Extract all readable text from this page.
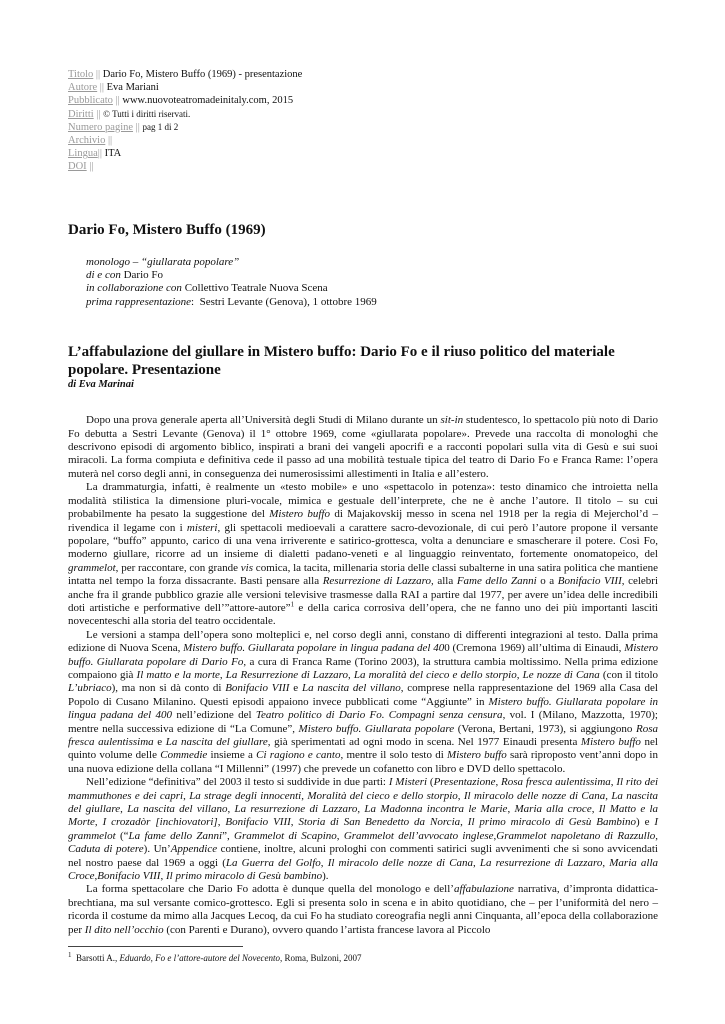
Titolo || Dario Fo, Mistero Buffo (1969) - presentazione
Autore || Eva Mariani
Pubblicato || www.nuovoteatromadeinitaly.com, 2015
Diritti || © Tutti i diritti riservati.
Numero pagine || pag 1 di 2
Archivio ||
Lingua|| ITA
DOI ||
Dario Fo, Mistero Buffo (1969)
monologo – “giullarata popolare”
di e con Dario Fo
in collaborazione con Collettivo Teatrale Nuova Scena
prima rappresentazione:  Sestri Levante (Genova), 1 ottobre 1969
L’affabulazione del giullare in Mistero buffo: Dario Fo e il riuso politico del materiale popolare. Presentazione
di Eva Marinai

Dopo una prova generale aperta all’Università degli Studi di Milano durante un sit-in studentesco, lo spettacolo più noto di Dario Fo debutta a Sestri Levante (Genova) il 1° ottobre 1969, come «giullarata popolare». Prevede una raccolta di monologhi che descrivono episodi di argomento biblico, inspirati a brani dei vangeli apocrifi e a racconti popolari sulla vita di Gesù e sui suoi miracoli. La forma compiuta e definitiva cede il passo ad una mobilità testuale tipica del teatro di Dario Fo e Franca Rame: l’opera muterà nel corso degli anni, in conseguenza dei numerosissimi allestimenti in Italia e all’estero.

La drammaturgia, infatti, è realmente un «testo mobile» e uno «spettacolo in potenza»: testo dinamico che introietta nella modalità stilistica la dimensione pluri-vocale, mimica e gestuale dell’interprete, che ne è anche l’autore. Il titolo – su cui probabilmente ha pesato la suggestione del Mistero buffo di Majakovskij messo in scena nel 1918 per la regia di Mejerchol’d – rivendica il legame con i misteri, gli spettacoli medioevali a carattere sacro-devozionale, di cui però l’autore propone il versante popolare, “buffo” appunto, carico di una vena irriverente e satirico-grottesca, volta a denunciare e smascherare il potere. Così Fo, moderno giullare, ricorre ad un insieme di dialetti padano-veneti e al linguaggio reinventato, fortemente onomatopeico, del grammelot, per raccontare, con grande vis comica, la tacita, millenaria storia delle classi subalterne in una satira politica che mantiene intatta nel tempo la forza dissacrante. Basti pensare alla Resurrezione di Lazzaro, alla Fame dello Zanni o a Bonifacio VIII, celebri anche fra il grande pubblico grazie alle versioni televisive trasmesse dalla RAI a partire dal 1977, per avere un’idea delle incredibili doti artistiche e performative dell’”attore-autore”$^1$ e della carica corrosiva dell’opera, che ne fanno uno dei più importanti lasciti novecenteschi alla storia del teatro occidentale.

Le versioni a stampa dell’opera sono molteplici e, nel corso degli anni, constano di differenti integrazioni al testo. Dalla prima edizione di Nuova Scena, Mistero buffo. Giullarata popolare in lingua padana del 400 (Cremona 1969) all’ultima di Einaudi, Mistero buffo. Giullarata popolare di Dario Fo, a cura di Franca Rame (Torino 2003), la struttura cambia moltissimo. Nella prima edizione compaiono già Il matto e la morte, La Resurrezione di Lazzaro, La moralità del cieco e dello storpio, Le nozze di Cana (con il titolo L’ubriaco), ma non si dà conto di Bonifacio VIII e La nascita del villano, comprese nella rappresentazione del 1969 alla Casa del Popolo di Cusano Milanino. Questi episodi appaiono invece pubblicati come “Aggiunte” in Mistero buffo. Giullarata popolare in lingua padana del 400 nell’edizione del Teatro politico di Dario Fo. Compagni senza censura, vol. I (Milano, Mazzotta, 1970); mentre nella successiva edizione di “La Comune”, Mistero buffo. Giullarata popolare (Verona, Bertani, 1973), si aggiungono Rosa fresca aulentissima e La nascita del giullare, già sperimentati ad ogni modo in scena. Nel 1977 Einaudi presenta Mistero buffo nel quinto volume delle Commedie insieme a Ci ragiono e canto, mentre il solo testo di Mistero buffo sarà riproposto vent’anni dopo in una nuova edizione della collana “I Millenni” (1997) che prevede un cofanetto con libro e DVD dello spettacolo.

Nell’edizione “definitiva” del 2003 il testo si suddivide in due parti: I Misteri (Presentazione, Rosa fresca aulentissima, Il rito dei mammuthones e dei capri, La strage degli innocenti, Moralità del cieco e dello storpio, Il miracolo delle nozze di Cana, La nascita del giullare, La nascita del villano, La resurrezione di Lazzaro, La Madonna incontra le Marie, Maria alla croce, Il Matto e la Morte, I crozadòr [inchiovatori], Bonifacio VIII, Storia di San Benedetto da Norcia, Il primo miracolo di Gesù Bambino) e I grammelot (“La fame dello Zanni”, Grammelot di Scapino, Grammelot dell’avvocato inglese,Grammelot napoletano di Razzullo, Caduta di potere). Un’Appendice contiene, inoltre, alcuni prologhi con commenti satirici sugli avvenimenti che si sono avvicendati nel nostro paese dal 1969 a oggi (La Guerra del Golfo, Il miracolo delle nozze di Cana, La resurrezione di Lazzaro, Maria alla Croce,Bonifacio VIII, Il primo miracolo di Gesù bambino).

La forma spettacolare che Dario Fo adotta è dunque quella del monologo e dell’affabulazione narrativa, d’impronta didattica-brechtiana, ma sul versante comico-grottesco. Egli si presenta solo in scena e in abito quotidiano, che – per l’uniformità del nero – ricorda il costume da mimo alla Jacques Lecoq, da cui Fo ha studiato coreografia negli anni Cinquanta, all’epoca della collaborazione per Il dito nell’occhio (con Parenti e Durano), ovvero quando l’artista francese lavora al Piccolo

$^1$ Barsotti A., Eduardo, Fo e l’attore-autore del Novecento, Roma, Bulzoni, 2007
